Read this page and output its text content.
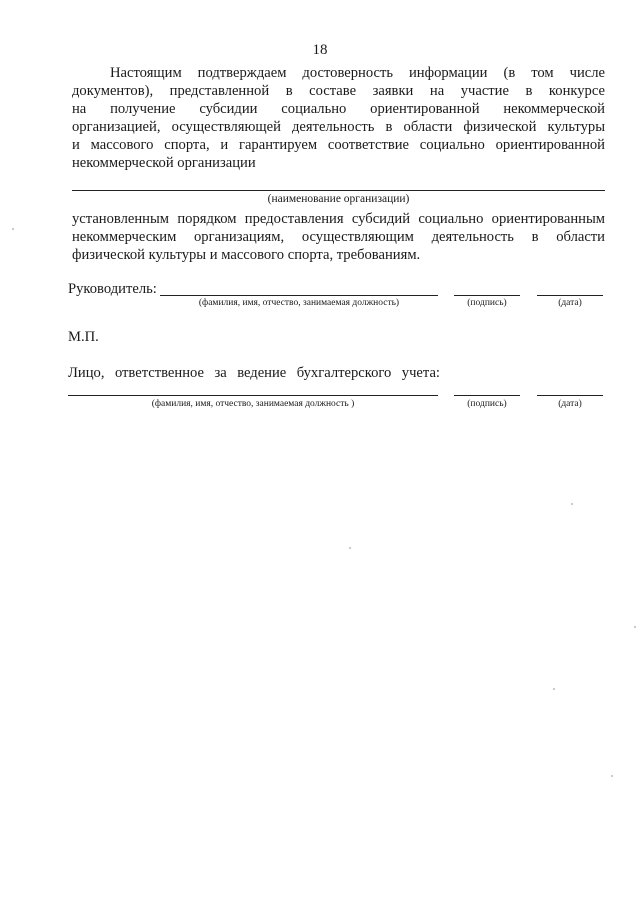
18
Настоящим подтверждаем достоверность информации (в том числе
документов), представленной в составе заявки на участие в конкурсе
на получение субсидии социально ориентированной некоммерческой
организацией, осуществляющей деятельность в области физической культуры
и массового спорта, и гарантируем соответствие социально ориентированной
некоммерческой организации
(наименование организации)
установленным порядком предоставления субсидий социально ориентированным
некоммерческим организациям, осуществляющим деятельность в области
физической культуры и массового спорта, требованиям.
Руководитель:
(фамилия, имя, отчество, занимаемая должность)	(подпись)	(дата)
М.П.
Лицо, ответственное за ведение бухгалтерского учета:
(фамилия, имя, отчество, занимаемая должность )	(подпись)	(дата)
